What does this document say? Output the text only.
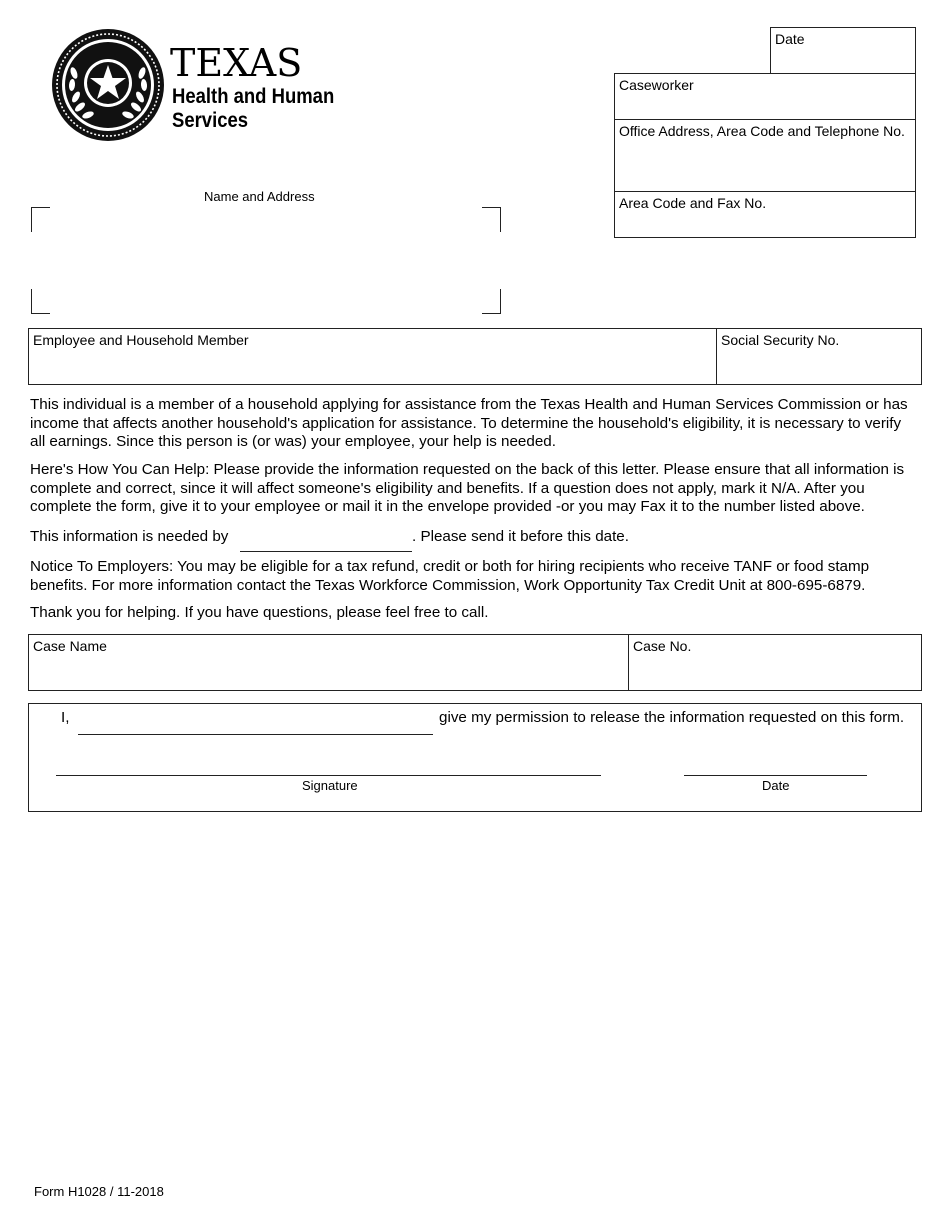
TEXAS
Health and Human
Services
Date
Caseworker
Office Address, Area Code and Telephone No.
Area Code and Fax No.
Name and Address
Employee and Household Member	Social Security No.
This individual is a member of a household applying for assistance from the Texas Health and Human Services Commission or has income that affects another household's application for assistance. To determine the household's eligibility, it is necessary to verify all earnings. Since this person is (or was) your employee, your help is needed.
Here's How You Can Help: Please provide the information requested on the back of this letter. Please ensure that all information is complete and correct, since it will affect someone's eligibility and benefits. If a question does not apply, mark it N/A. After you complete the form, give it to your employee or mail it in the envelope provided -or you may Fax it to the number listed above.
This information is needed by	. Please send it before this date.
Notice To Employers: You may be eligible for a tax refund, credit or both for hiring recipients who receive TANF or food stamp benefits. For more information contact the Texas Workforce Commission, Work Opportunity Tax Credit Unit at 800-695-6879.
Thank you for helping. If you have questions, please feel free to call.
Case Name	Case No.
I,	give my permission to release the information requested on this form.
Signature	Date
Form H1028 / 11-2018
